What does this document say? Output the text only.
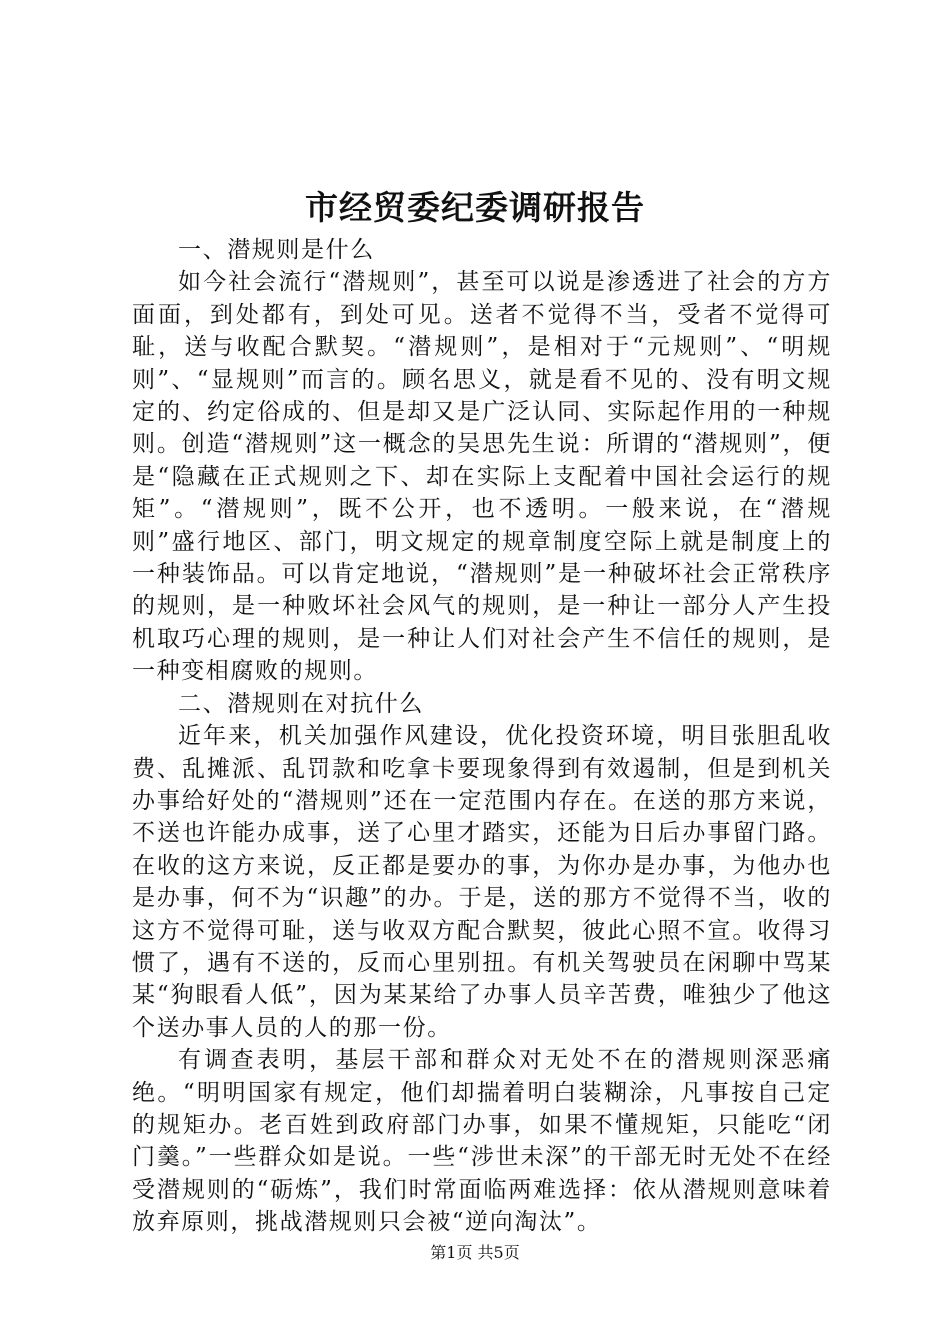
市经贸委纪委调研报告

一、潜规则是什么

如今社会流行“潜规则”，甚至可以说是渗透进了社会的方方面面，到处都有，到处可见。送者不觉得不当，受者不觉得可耻，送与收配合默契。“潜规则”，是相对于“元规则”、“明规则”、“显规则”而言的。顾名思义，就是看不见的、没有明文规定的、约定俗成的、但是却又是广泛认同、实际起作用的一种规则。创造“潜规则”这一概念的吴思先生说：所谓的“潜规则”，便是“隐藏在正式规则之下、却在实际上支配着中国社会运行的规矩”。“潜规则”，既不公开，也不透明。一般来说，在“潜规则”盛行地区、部门，明文规定的规章制度空际上就是制度上的一种装饰品。可以肯定地说，“潜规则”是一种破坏社会正常秩序的规则，是一种败坏社会风气的规则，是一种让一部分人产生投机取巧心理的规则，是一种让人们对社会产生不信任的规则，是一种变相腐败的规则。

二、潜规则在对抗什么

近年来，机关加强作风建设，优化投资环境，明目张胆乱收费、乱摊派、乱罚款和吃拿卡要现象得到有效遏制，但是到机关办事给好处的“潜规则”还在一定范围内存在。在送的那方来说，不送也许能办成事，送了心里才踏实，还能为日后办事留门路。在收的这方来说，反正都是要办的事，为你办是办事，为他办也是办事，何不为“识趣”的办。于是，送的那方不觉得不当，收的这方不觉得可耻，送与收双方配合默契，彼此心照不宣。收得习惯了，遇有不送的，反而心里别扭。有机关驾驶员在闲聊中骂某某“狗眼看人低”，因为某某给了办事人员辛苦费，唯独少了他这个送办事人员的人的那一份。

有调查表明，基层干部和群众对无处不在的潜规则深恶痛绝。“明明国家有规定，他们却揣着明白装糊涂，凡事按自己定的规矩办。老百姓到政府部门办事，如果不懂规矩，只能吃“闭门羹。”一些群众如是说。一些“涉世未深”的干部无时无处不在经受潜规则的“砺炼”，我们时常面临两难选择：依从潜规则意味着放弃原则，挑战潜规则只会被“逆向淘汰”。

第1页 共5页
